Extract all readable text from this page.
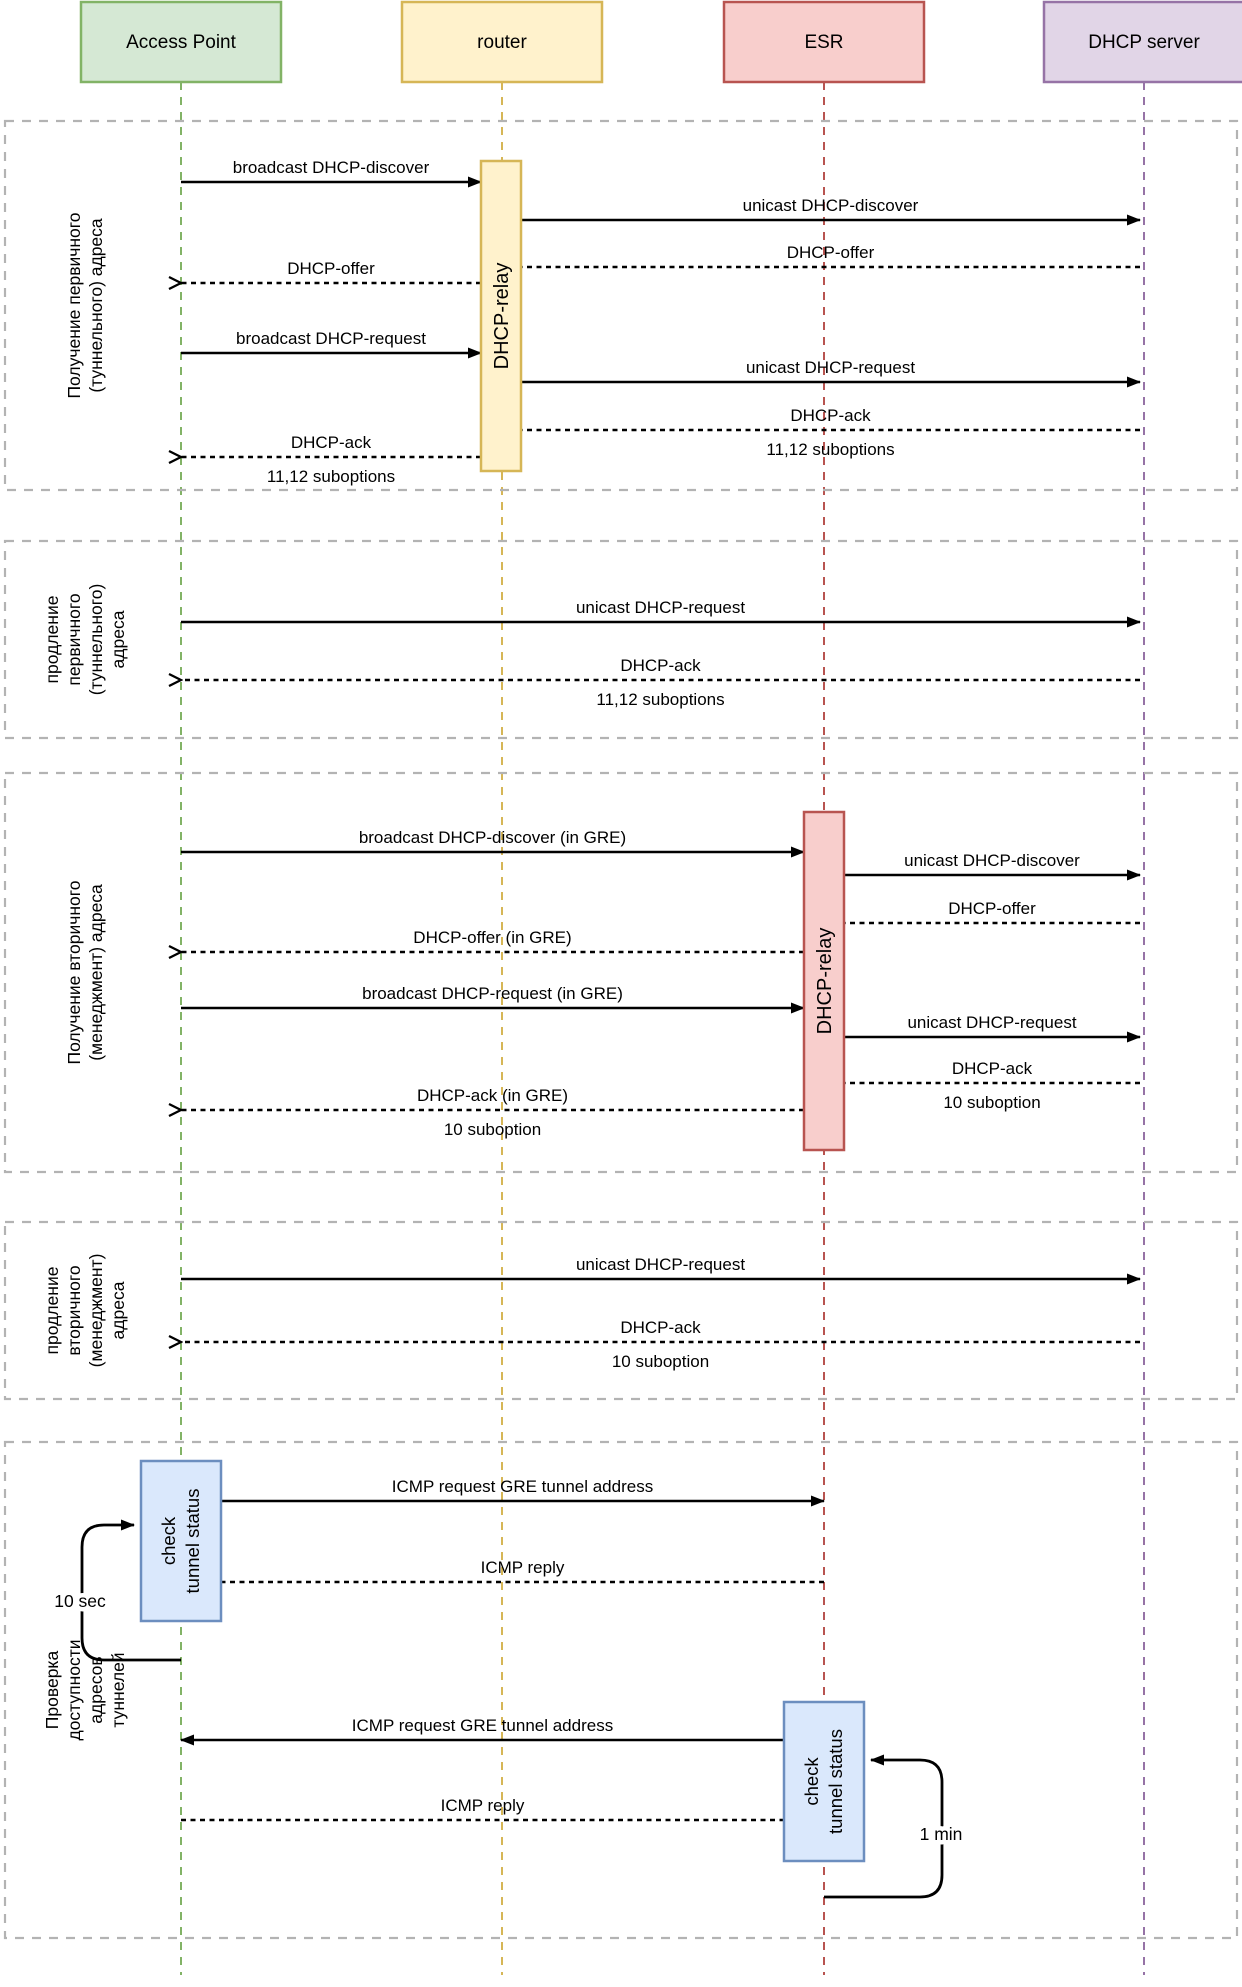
Получение первичного (туннельного) адреса
продление первичного (туннельного) адреса
Получение вторичного (менеджмент) адреса
продление вторичного (менеджмент) адреса
Проверка доступности адресов туннелей
broadcast DHCP-discover
unicast DHCP-discover
DHCP-offer
DHCP-offer
broadcast DHCP-request
unicast DHCP-request
DHCP-ack
11,12 suboptions
DHCP-ack
11,12 suboptions
unicast DHCP-request
DHCP-ack
11,12 suboptions
broadcast DHCP-discover (in GRE)
unicast DHCP-discover
DHCP-offer
DHCP-offer (in GRE)
broadcast DHCP-request (in GRE)
unicast DHCP-request
DHCP-ack
10 suboption
DHCP-ack (in GRE)
10 suboption
unicast DHCP-request
DHCP-ack
10 suboption
ICMP request GRE tunnel address
ICMP reply
ICMP request GRE tunnel address
ICMP reply
DHCP-relay
DHCP-relay
check tunnel status
check tunnel status
10 sec
1 min
Access Point	router	ESR	DHCP server
